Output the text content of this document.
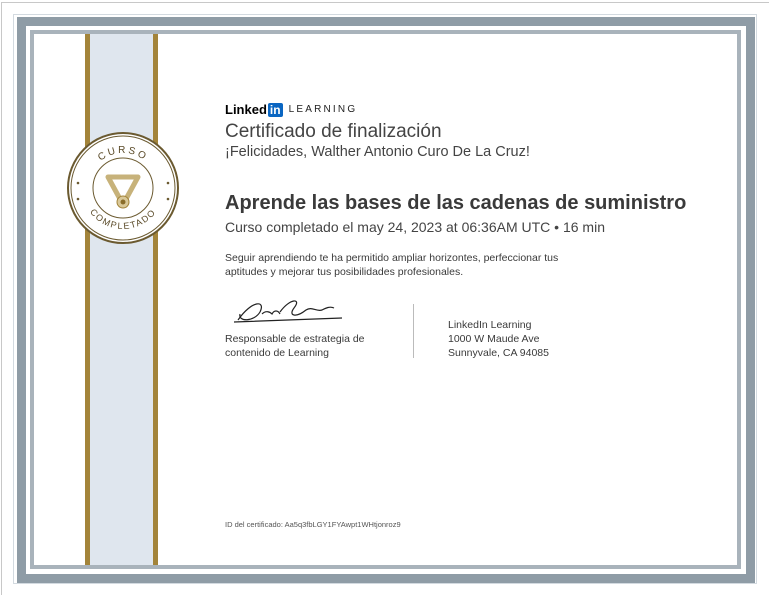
CURSO
COMPLETADO
Linked in LEARNING
Certificado de finalización
¡Felicidades, Walther Antonio Curo De La Cruz!
Aprende las bases de las cadenas de suministro
Curso completado el may 24, 2023 at 06:36AM UTC • 16 min
Seguir aprendiendo te ha permitido ampliar horizontes, perfeccionar tus
aptitudes y mejorar tus posibilidades profesionales.
Responsable de estrategia de
contenido de Learning
LinkedIn Learning
1000 W Maude Ave
Sunnyvale, CA 94085
ID del certificado: Aa5q3fbLGY1FYAwpt1WHtjonroz9
